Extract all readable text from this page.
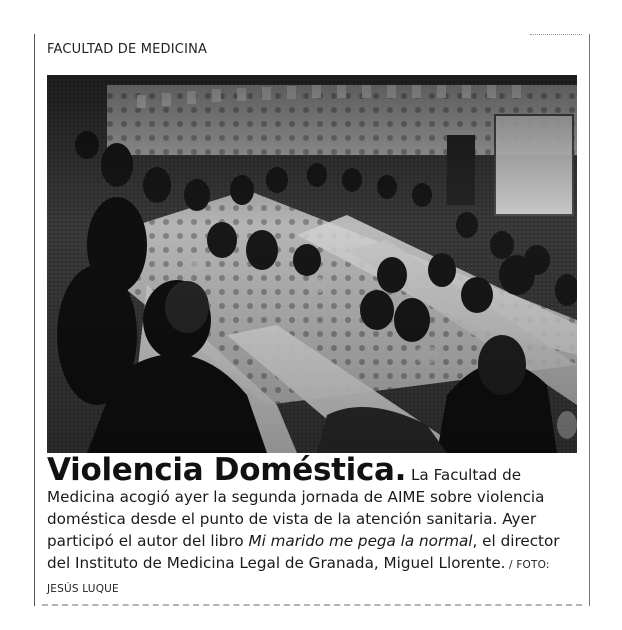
FACULTAD DE MEDICINA
Violencia Doméstica. La Facultad de Medicina acogió ayer la segunda jornada de AIME sobre violencia doméstica desde el punto de vista de la atención sanitaria. Ayer participó el autor del libro Mi marido me pega la normal, el director del Instituto de Medicina Legal de Granada, Miguel Llorente. / FOTO: JESÚS LUQUE
